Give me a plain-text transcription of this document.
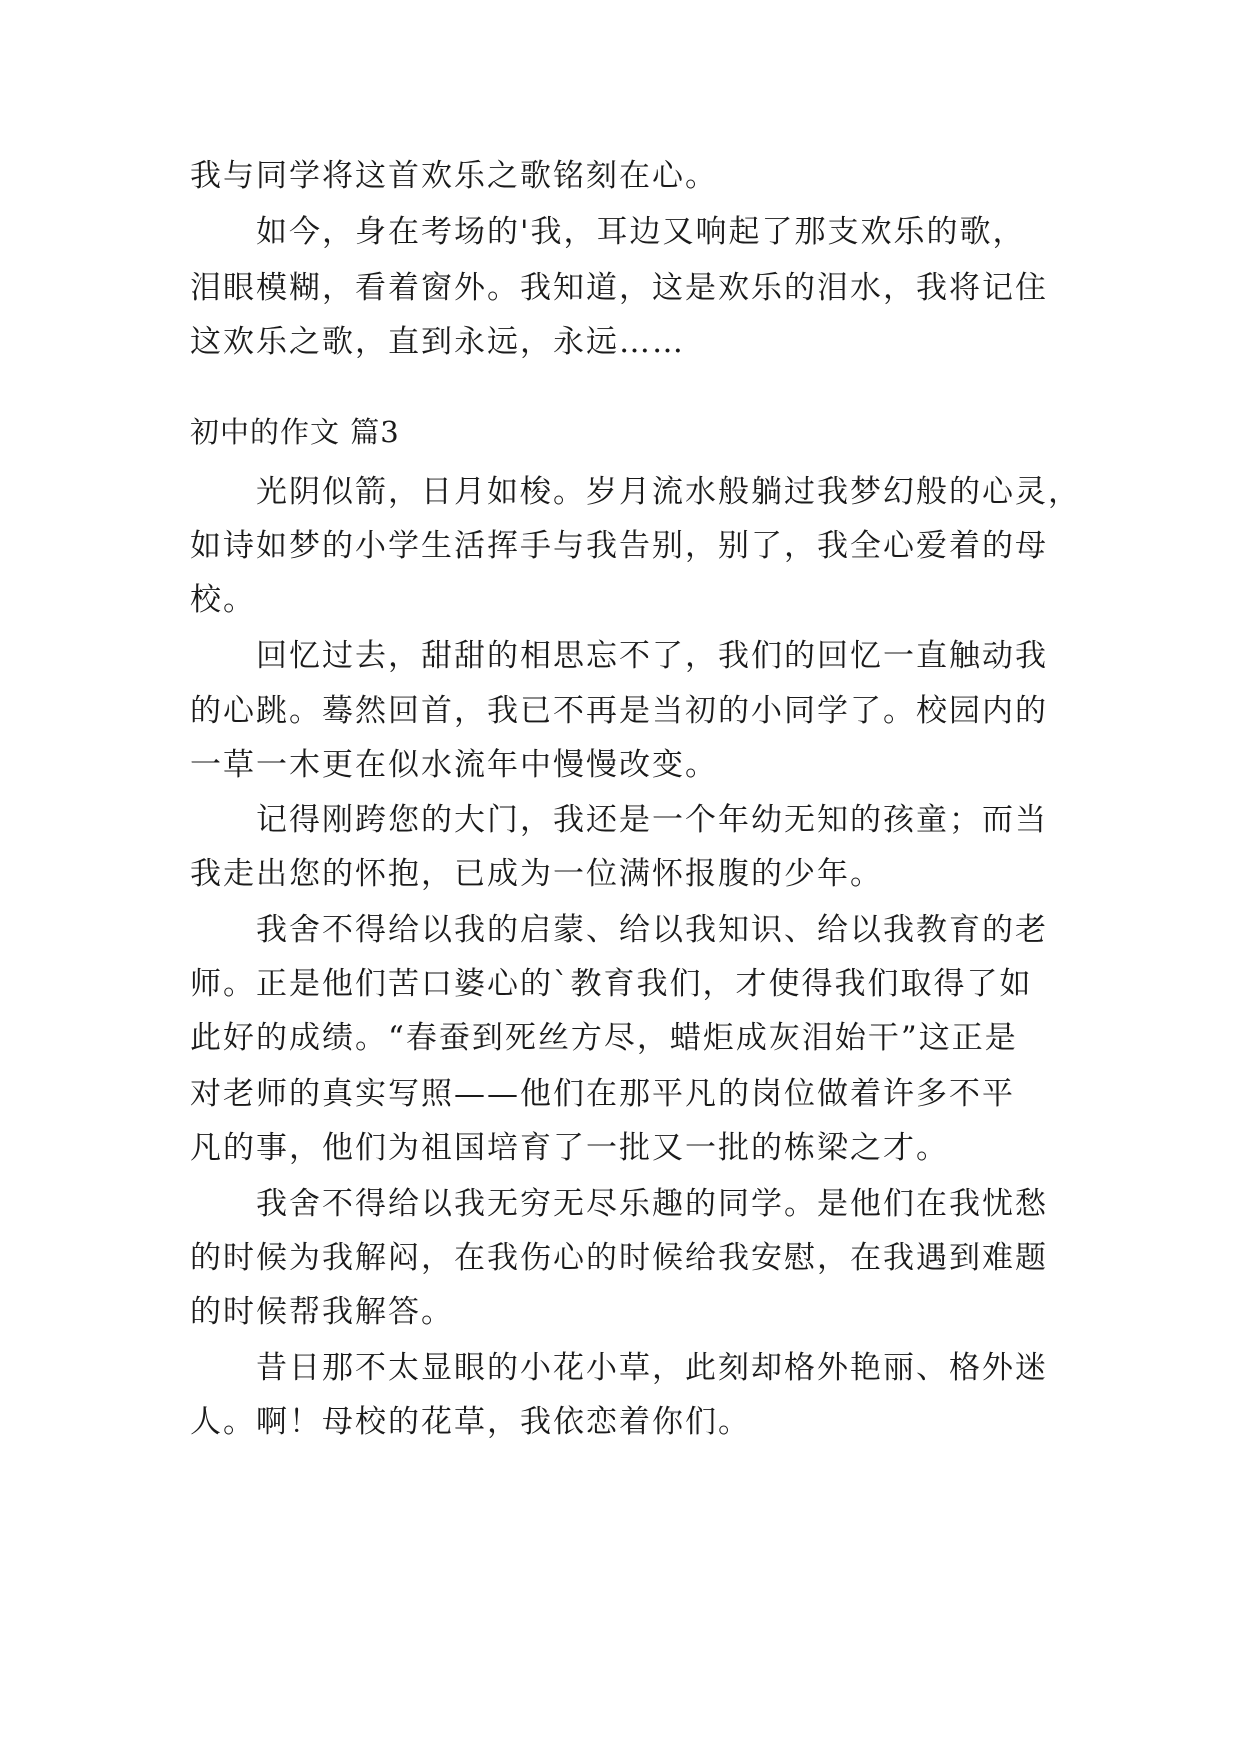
我与同学将这首欢乐之歌铭刻在心。

如今，身在考场的'我，耳边又响起了那支欢乐的歌，

泪眼模糊，看着窗外。我知道，这是欢乐的泪水，我将记住

这欢乐之歌，直到永远，永远……

初中的作文 篇3

光阴似箭，日月如梭。岁月流水般躺过我梦幻般的心灵，

如诗如梦的小学生活挥手与我告别，别了，我全心爱着的母

校。

回忆过去，甜甜的相思忘不了，我们的回忆一直触动我

的心跳。蓦然回首，我已不再是当初的小同学了。校园内的

一草一木更在似水流年中慢慢改变。

记得刚跨您的大门，我还是一个年幼无知的孩童；而当

我走出您的怀抱，已成为一位满怀报腹的少年。

我舍不得给以我的启蒙、给以我知识、给以我教育的老

师。正是他们苦口婆心的`教育我们，才使得我们取得了如

此好的成绩。“春蚕到死丝方尽，蜡炬成灰泪始干”这正是

对老师的真实写照——他们在那平凡的岗位做着许多不平

凡的事，他们为祖国培育了一批又一批的栋梁之才。

我舍不得给以我无穷无尽乐趣的同学。是他们在我忧愁

的时候为我解闷，在我伤心的时候给我安慰，在我遇到难题

的时候帮我解答。

昔日那不太显眼的小花小草，此刻却格外艳丽、格外迷

人。啊！母校的花草，我依恋着你们。
